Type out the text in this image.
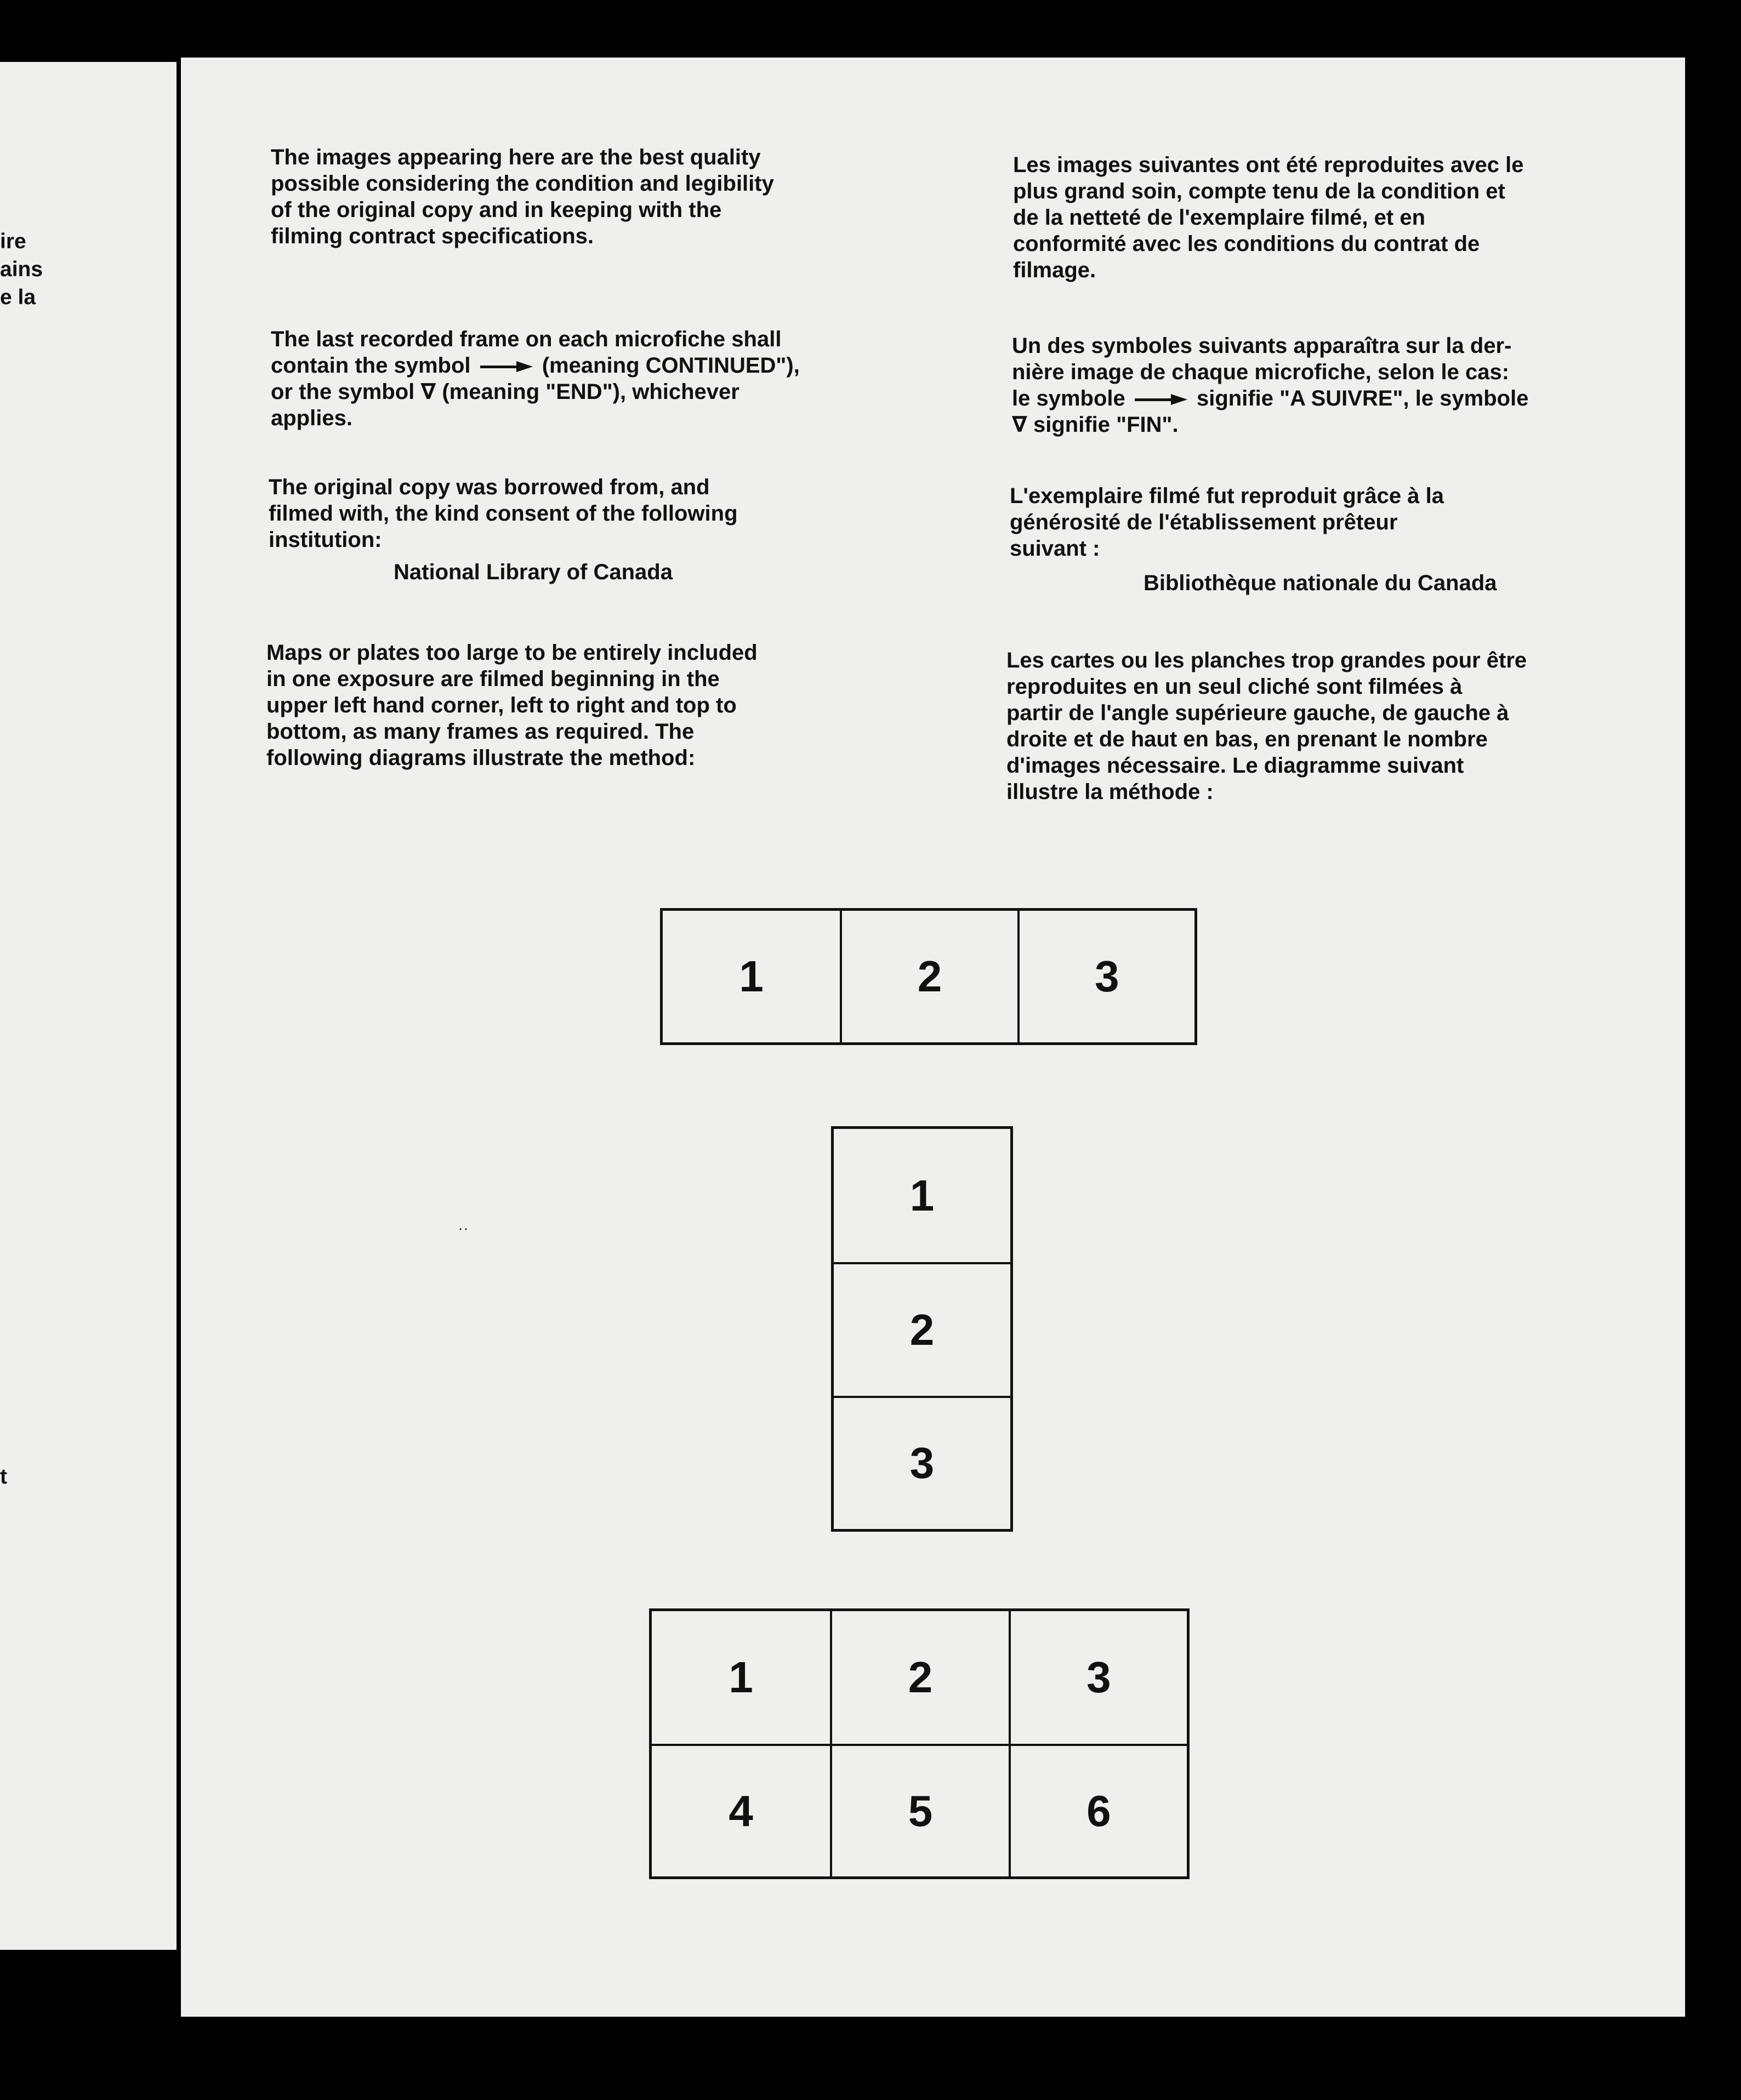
ire
ains
e la
t
The images appearing here are the best quality
possible considering the condition and legibility
of the original copy and in keeping with the
filming contract specifications.
The last recorded frame on each microfiche shall
contain the symbol	(meaning CONTINUED"),
or the symbol ∇ (meaning "END"), whichever
applies.
The original copy was borrowed from, and
filmed with, the kind consent of the following
institution:
National Library of Canada
Maps or plates too large to be entirely included
in one exposure are filmed beginning in the
upper left hand corner, left to right and top to
bottom, as many frames as required. The
following diagrams illustrate the method:
Les images suivantes ont été reproduites avec le
plus grand soin, compte tenu de la condition et
de la netteté de l'exemplaire filmé, et en
conformité avec les conditions du contrat de
filmage.
Un des symboles suivants apparaîtra sur la der-
nière image de chaque microfiche, selon le cas:
le symbole	signifie "A SUIVRE", le symbole
∇ signifie "FIN".
L'exemplaire filmé fut reproduit grâce à la
générosité de l'établissement prêteur
suivant :
Bibliothèque nationale du Canada
Les cartes ou les planches trop grandes pour être
reproduites en un seul cliché sont filmées à
partir de l'angle supérieure gauche, de gauche à
droite et de haut en bas, en prenant le nombre
d'images nécessaire. Le diagramme suivant
illustre la méthode :
1	2	3
1
2
3
1	2	3
4	5	6
··
